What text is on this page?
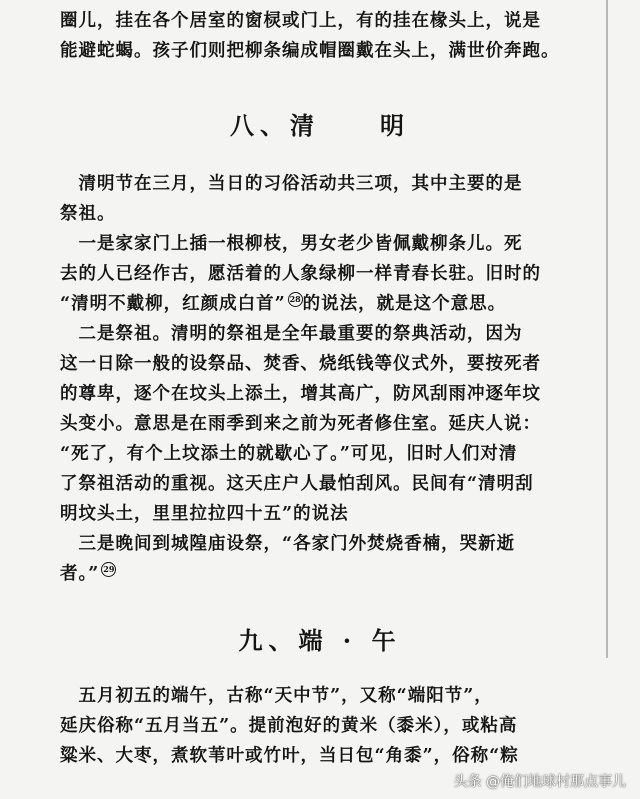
圈儿，挂在各个居室的窗棂或门上，有的挂在椽头上，说是

能避蛇蝎。孩子们则把柳条编成帽圈戴在头上，满世价奔跑。

八、清　　明

　清明节在三月，当日的习俗活动共三项，其中主要的是

祭祖。

　一是家家门上插一根柳枝，男女老少皆佩戴柳条儿。死

去的人已经作古，愿活着的人象绿柳一样青春长驻。旧时的

“清明不戴柳，红颜成白首” 28 的说法，就是这个意思。

　二是祭祖。清明的祭祖是全年最重要的祭典活动，因为

这一日除一般的设祭品、焚香、烧纸钱等仪式外，要按死者

的尊卑，逐个在坟头上添土，增其高广，防风刮雨冲逐年坟

头变小。意思是在雨季到来之前为死者修住室。延庆人说：

“死了，有个上坟添土的就歇心了。”可见，旧时人们对清

了祭祖活动的重视。这天庄户人最怕刮风。民间有“清明刮

明坟头土，里里拉拉四十五”的说法

　三是晚间到城隍庙设祭，“各家门外焚烧香楠，哭新逝

者。” 29

九、端 · 午

　五月初五的端午，古称“天中节”，又称“端阳节”，

延庆俗称“五月当五”。提前泡好的黄米（黍米），或粘高

粱米、大枣，煮软苇叶或竹叶，当日包“角黍”，俗称“粽

头条 @俺们地球村那点事儿
